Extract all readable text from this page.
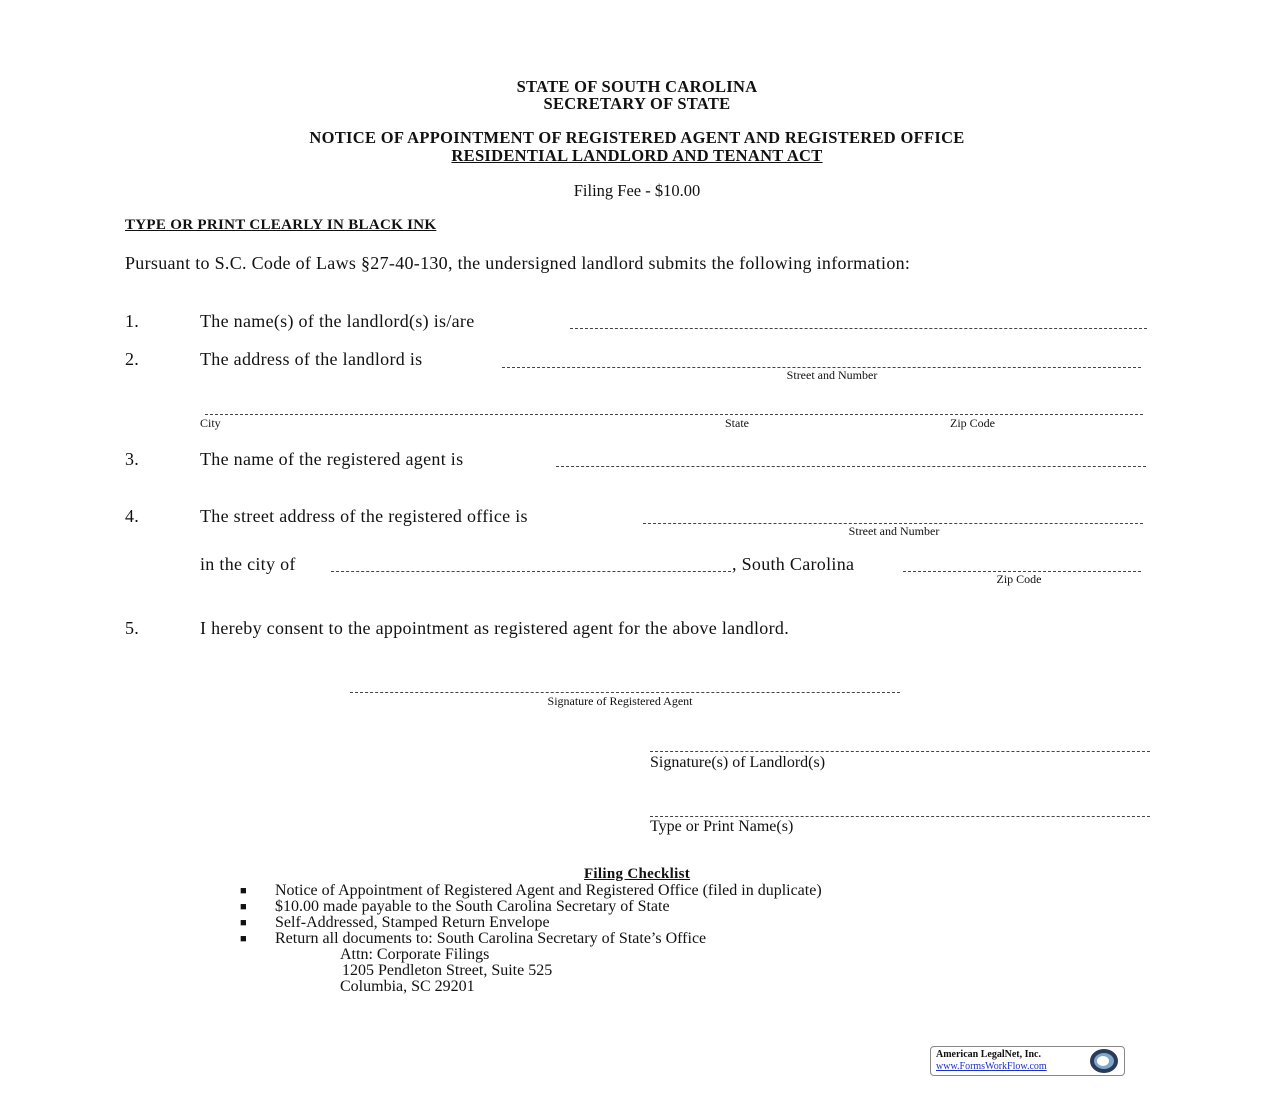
STATE OF SOUTH CAROLINA
SECRETARY OF STATE
NOTICE OF APPOINTMENT OF REGISTERED AGENT AND REGISTERED OFFICE
RESIDENTIAL LANDLORD AND TENANT ACT
Filing Fee - $10.00
TYPE OR PRINT CLEARLY IN BLACK INK
Pursuant to S.C. Code of Laws §27-40-130, the undersigned landlord submits the following information:
1.	The name(s) of the landlord(s) is/are
2.	The address of the landlord is
Street and Number
City	State	Zip Code
3.	The name of the registered agent is
4.	The street address of the registered office is
Street and Number
in the city of	, South Carolina
Zip Code
5.	I hereby consent to the appointment as registered agent for the above landlord.
Signature of Registered Agent
Signature(s) of Landlord(s)
Type or Print Name(s)
Filing Checklist
■ Notice of Appointment of Registered Agent and Registered Office (filed in duplicate)
■ $10.00 made payable to the South Carolina Secretary of State
■ Self-Addressed, Stamped Return Envelope
■ Return all documents to: South Carolina Secretary of State’s Office
Attn: Corporate Filings
1205 Pendleton Street, Suite 525
Columbia, SC 29201
American LegalNet, Inc.
www.FormsWorkFlow.com
